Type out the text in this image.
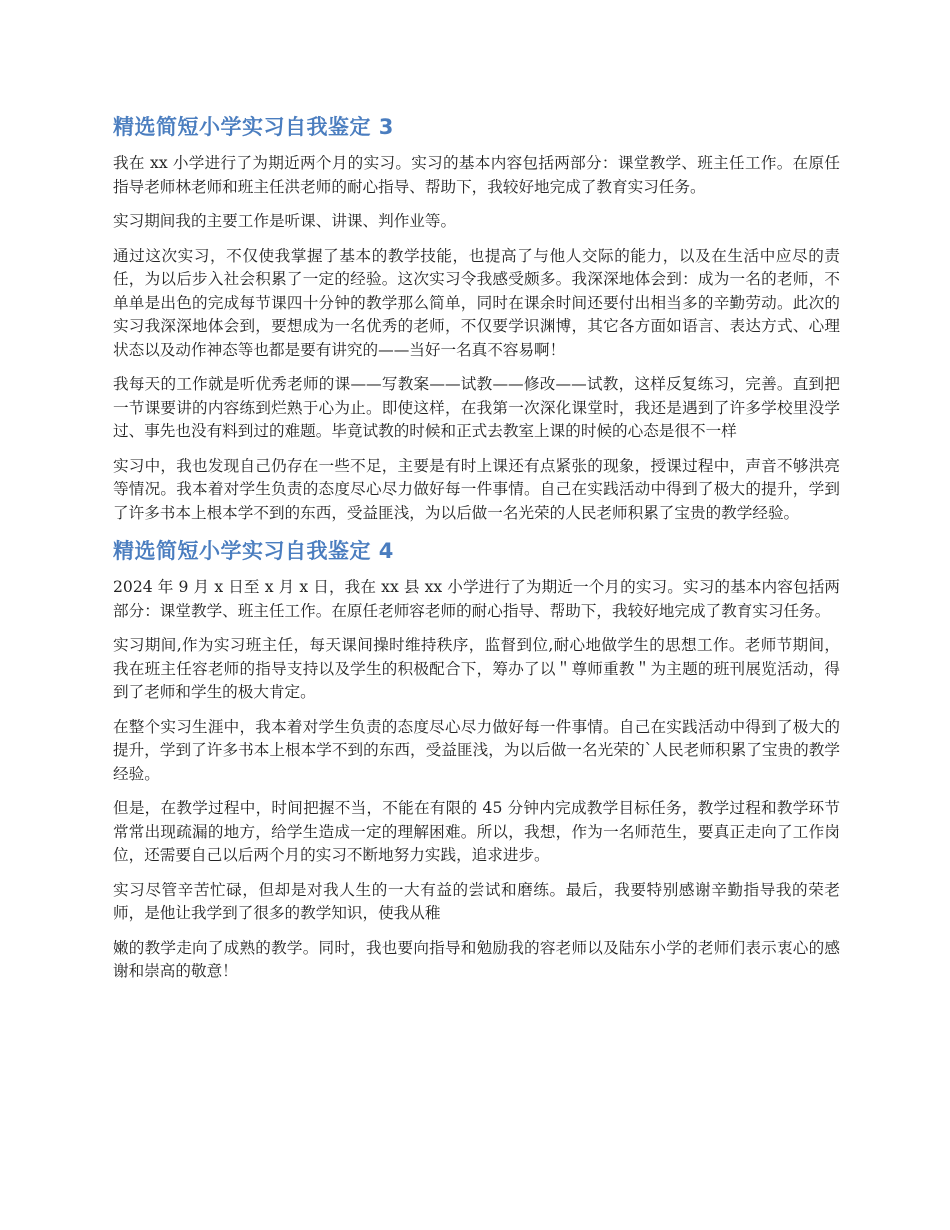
精选简短小学实习自我鉴定 3

我在 xx 小学进行了为期近两个月的实习。实习的基本内容包括两部分：课堂教学、班主任工作。在原任指导老师林老师和班主任洪老师的耐心指导、帮助下，我较好地完成了教育实习任务。

实习期间我的主要工作是听课、讲课、判作业等。

通过这次实习，不仅使我掌握了基本的教学技能，也提高了与他人交际的能力，以及在生活中应尽的责任，为以后步入社会积累了一定的经验。这次实习令我感受颇多。我深深地体会到：成为一名的老师，不单单是出色的完成每节课四十分钟的教学那么简单，同时在课余时间还要付出相当多的辛勤劳动。此次的实习我深深地体会到，要想成为一名优秀的老师，不仅要学识渊博，其它各方面如语言、表达方式、心理状态以及动作神态等也都是要有讲究的——当好一名真不容易啊！

我每天的工作就是听优秀老师的课——写教案——试教——修改——试教，这样反复练习，完善。直到把一节课要讲的内容练到烂熟于心为止。即使这样，在我第一次深化课堂时，我还是遇到了许多学校里没学过、事先也没有料到过的难题。毕竟试教的时候和正式去教室上课的时候的心态是很不一样

实习中，我也发现自己仍存在一些不足，主要是有时上课还有点紧张的现象，授课过程中，声音不够洪亮等情况。我本着对学生负责的态度尽心尽力做好每一件事情。自己在实践活动中得到了极大的提升，学到了许多书本上根本学不到的东西，受益匪浅，为以后做一名光荣的人民老师积累了宝贵的教学经验。

精选简短小学实习自我鉴定 4

2024 年 9 月 x 日至 x 月 x 日，我在 xx 县 xx 小学进行了为期近一个月的实习。实习的基本内容包括两部分：课堂教学、班主任工作。在原任老师容老师的耐心指导、帮助下，我较好地完成了教育实习任务。

实习期间,作为实习班主任，每天课间操时维持秩序，监督到位,耐心地做学生的思想工作。老师节期间，我在班主任容老师的指导支持以及学生的积极配合下，筹办了以＂尊师重教＂为主题的班刊展览活动，得到了老师和学生的极大肯定。

在整个实习生涯中，我本着对学生负责的态度尽心尽力做好每一件事情。自己在实践活动中得到了极大的提升，学到了许多书本上根本学不到的东西，受益匪浅，为以后做一名光荣的`人民老师积累了宝贵的教学经验。

但是，在教学过程中，时间把握不当，不能在有限的 45 分钟内完成教学目标任务，教学过程和教学环节常常出现疏漏的地方，给学生造成一定的理解困难。所以，我想，作为一名师范生，要真正走向了工作岗位，还需要自己以后两个月的实习不断地努力实践，追求进步。

实习尽管辛苦忙碌，但却是对我人生的一大有益的尝试和磨练。最后，我要特别感谢辛勤指导我的荣老师，是他让我学到了很多的教学知识，使我从稚

嫩的教学走向了成熟的教学。同时，我也要向指导和勉励我的容老师以及陆东小学的老师们表示衷心的感谢和崇高的敬意！
